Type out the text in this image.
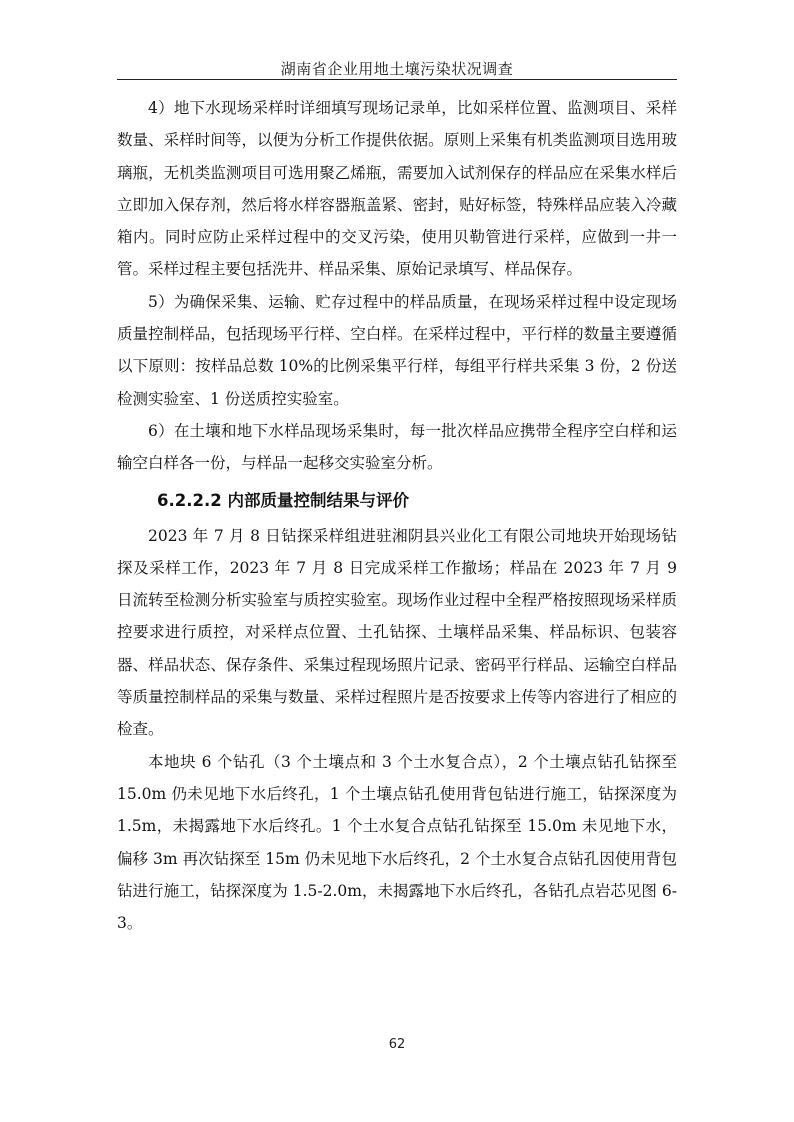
湖南省企业用地土壤污染状况调查

4）地下水现场采样时详细填写现场记录单，比如采样位置、监测项目、采样数量、采样时间等，以便为分析工作提供依据。原则上采集有机类监测项目选用玻璃瓶，无机类监测项目可选用聚乙烯瓶，需要加入试剂保存的样品应在采集水样后立即加入保存剂，然后将水样容器瓶盖紧、密封，贴好标签，特殊样品应装入冷藏箱内。同时应防止采样过程中的交叉污染，使用贝勒管进行采样，应做到一井一管。采样过程主要包括洗井、样品采集、原始记录填写、样品保存。

5）为确保采集、运输、贮存过程中的样品质量，在现场采样过程中设定现场质量控制样品，包括现场平行样、空白样。在采样过程中，平行样的数量主要遵循以下原则：按样品总数 10%的比例采集平行样，每组平行样共采集 3 份，2 份送检测实验室、1 份送质控实验室。

6）在土壤和地下水样品现场采集时，每一批次样品应携带全程序空白样和运输空白样各一份，与样品一起移交实验室分析。

6.2.2.2 内部质量控制结果与评价

2023 年 7 月 8 日钻探采样组进驻湘阴县兴业化工有限公司地块开始现场钻探及采样工作，2023 年 7 月 8 日完成采样工作撤场；样品在 2023 年 7 月 9 日流转至检测分析实验室与质控实验室。现场作业过程中全程严格按照现场采样质控要求进行质控，对采样点位置、土孔钻探、土壤样品采集、样品标识、包装容器、样品状态、保存条件、采集过程现场照片记录、密码平行样品、运输空白样品等质量控制样品的采集与数量、采样过程照片是否按要求上传等内容进行了相应的检查。

本地块 6 个钻孔（3 个土壤点和 3 个土水复合点），2 个土壤点钻孔钻探至 15.0m 仍未见地下水后终孔，1 个土壤点钻孔使用背包钻进行施工，钻探深度为 1.5m，未揭露地下水后终孔。1 个土水复合点钻孔钻探至 15.0m 未见地下水，偏移 3m 再次钻探至 15m 仍未见地下水后终孔，2 个土水复合点钻孔因使用背包钻进行施工，钻探深度为 1.5-2.0m，未揭露地下水后终孔，各钻孔点岩芯见图 6-3。

62
